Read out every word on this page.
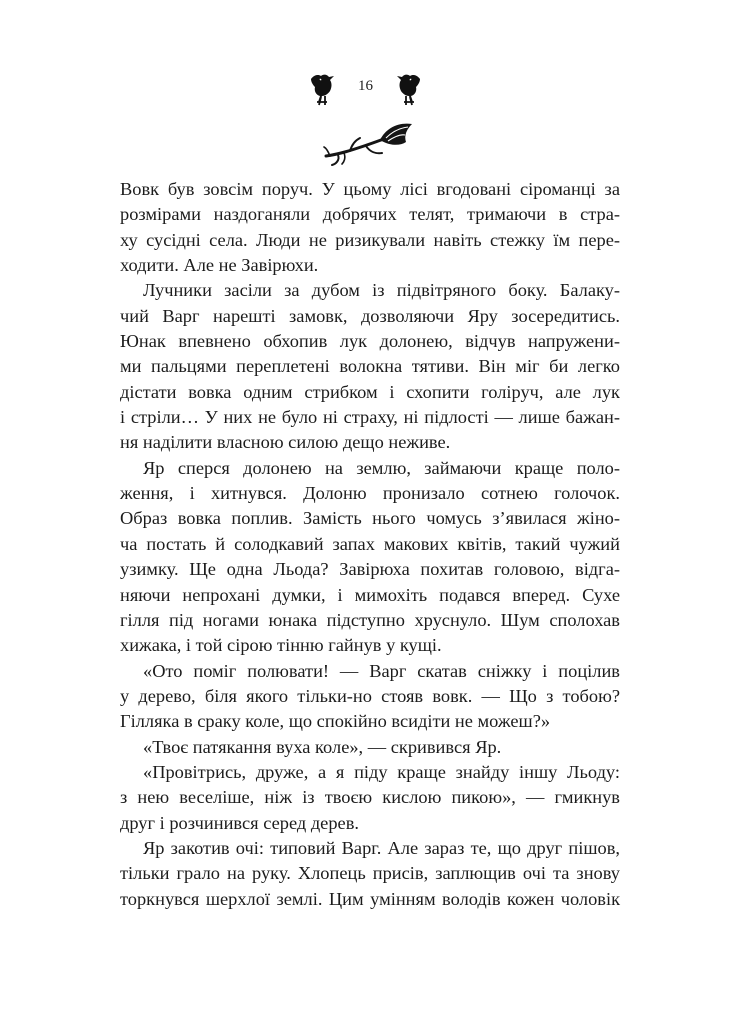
16
Вовк був зовсім поруч. У цьому лісі вгодовані сіроманці за
розмірами наздоганяли добрячих телят, тримаючи в стра-
ху сусідні села. Люди не ризикували навіть стежку їм пере-
ходити. Але не Завірюхи.
Лучники засіли за дубом із підвітряного боку. Балаку-
чий Варг нарешті замовк, дозволяючи Яру зосередитись.
Юнак впевнено обхопив лук долонею, відчув напружени-
ми пальцями переплетені волокна тятиви. Він міг би легко
дістати вовка одним стрибком і схопити голіруч, але лук
і стріли… У них не було ні страху, ні підлості — лише бажан-
ня наділити власною силою дещо неживе.
Яр сперся долонею на землю, займаючи краще поло-
ження, і хитнувся. Долоню пронизало сотнею голочок.
Образ вовка поплив. Замість нього чомусь з’явилася жіно-
ча постать й солодкавий запах макових квітів, такий чужий
узимку. Ще одна Льода? Завірюха похитав головою, відга-
няючи непрохані думки, і мимохіть подався вперед. Сухе
гілля під ногами юнака підступно хруснуло. Шум сполохав
хижака, і той сірою тінню гайнув у кущі.
«Ото поміг полювати! — Варг скатав сніжку і поцілив
у дерево, біля якого тільки-но стояв вовк. — Що з тобою?
Гілляка в сраку коле, що спокійно всидіти не можеш?»
«Твоє патякання вуха коле», — скривився Яр.
«Провітрись, друже, а я піду краще знайду іншу Льоду:
з нею веселіше, ніж із твоєю кислою пикою», — гмикнув
друг і розчинився серед дерев.
Яр закотив очі: типовий Варг. Але зараз те, що друг пішов,
тільки грало на руку. Хлопець присів, заплющив очі та знову
торкнувся шерхлої землі. Цим умінням володів кожен чоловік
